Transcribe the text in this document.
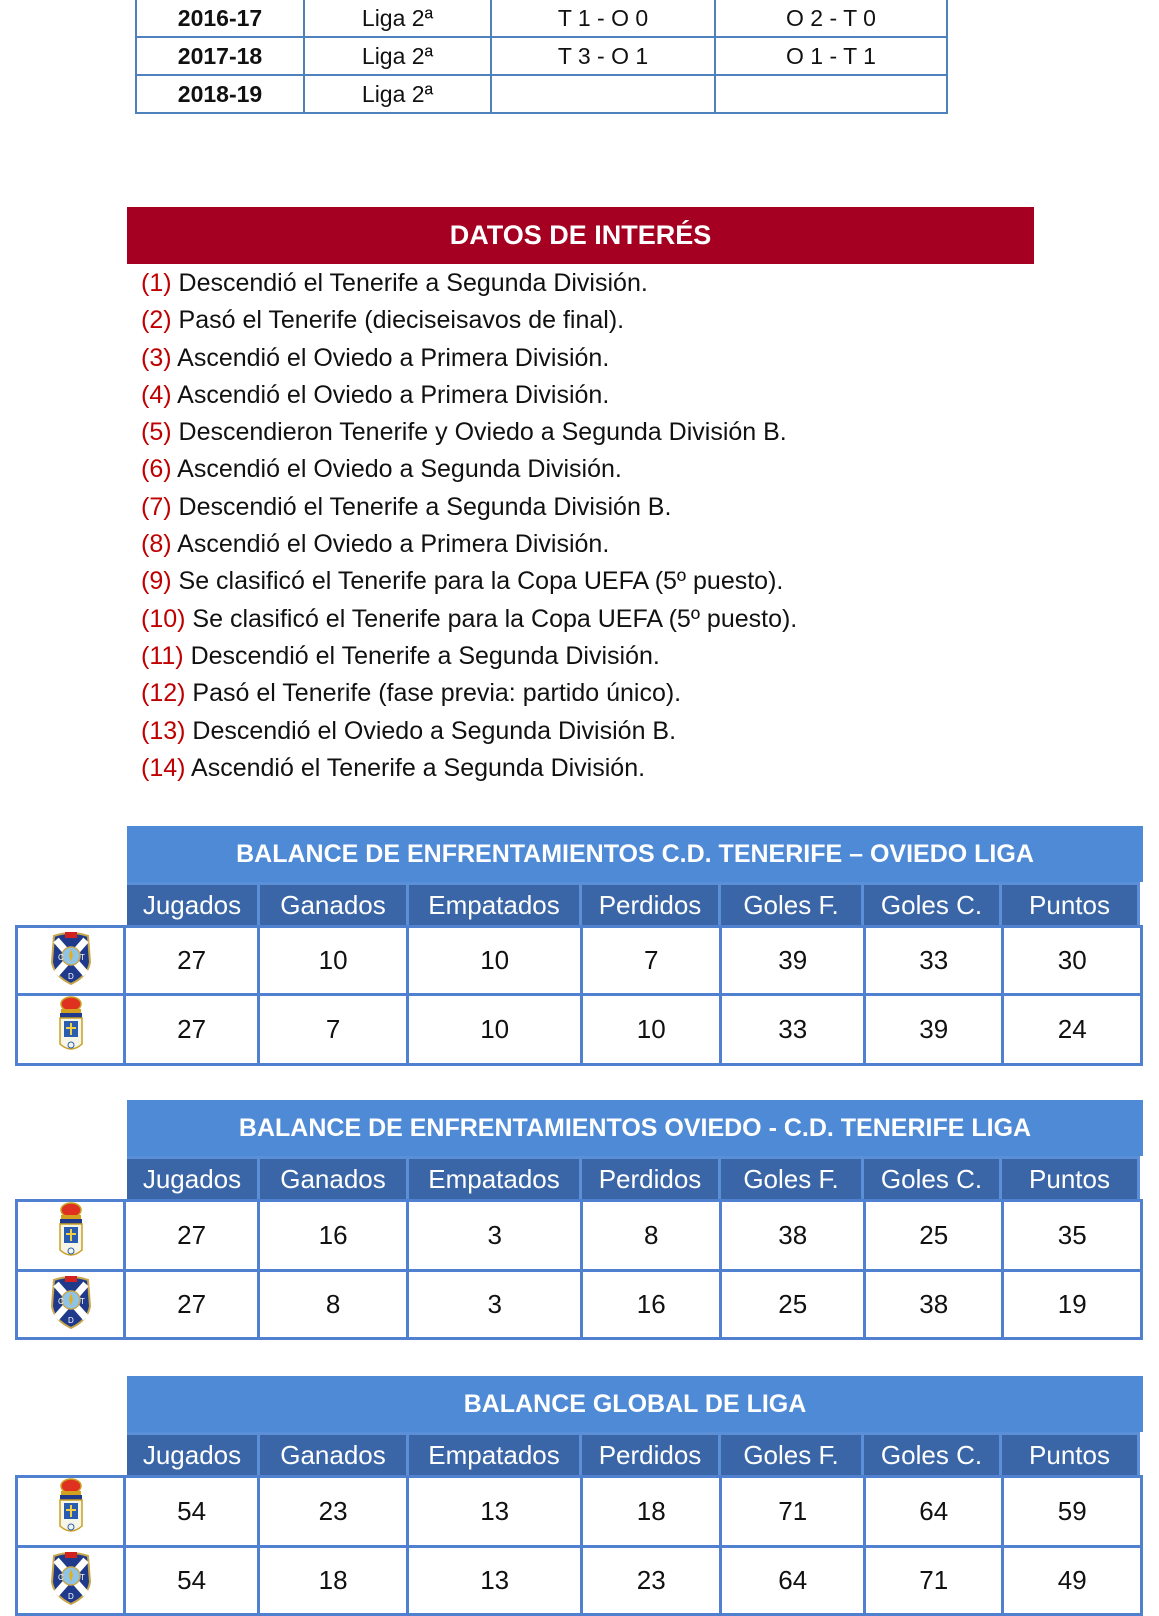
2016-17	Liga 2ª	T 1 - O 0	O 2 - T 0
2017-18	Liga 2ª	T 3 - O 1	O 1 - T 1
2018-19	Liga 2ª		
DATOS DE INTERÉS
(1) Descendió el Tenerife a Segunda División.
(2) Pasó el Tenerife (dieciseisavos de final).
(3) Ascendió el Oviedo a Primera División.
(4) Ascendió el Oviedo a Primera División.
(5) Descendieron Tenerife y Oviedo a Segunda División B.
(6) Ascendió el Oviedo a Segunda División.
(7) Descendió el Tenerife a Segunda División B.
(8) Ascendió el Oviedo a Primera División.
(9) Se clasificó el Tenerife para la Copa UEFA (5º puesto).
(10) Se clasificó el Tenerife para la Copa UEFA (5º puesto).
(11) Descendió el Tenerife a Segunda División.
(12) Pasó el Tenerife (fase previa: partido único).
(13) Descendió el Oviedo a Segunda División B.
(14) Ascendió el Tenerife a Segunda División.
BALANCE DE ENFRENTAMIENTOS C.D. TENERIFE – OVIEDO LIGA
Jugados	Ganados	Empatados	Perdidos	Goles F.	Goles C.	Puntos
C T
D	27	10	10	7	39	33	30
	27	7	10	10	33	39	24
BALANCE DE ENFRENTAMIENTOS OVIEDO - C.D. TENERIFE LIGA
Jugados	Ganados	Empatados	Perdidos	Goles F.	Goles C.	Puntos
	27	16	3	8	38	25	35

C T
D	27	8	3	16	25	38	19
BALANCE GLOBAL DE LIGA
Jugados	Ganados	Empatados	Perdidos	Goles F.	Goles C.	Puntos
	54	23	13	18	71	64	59

C T
D	54	18	13	23	64	71	49
